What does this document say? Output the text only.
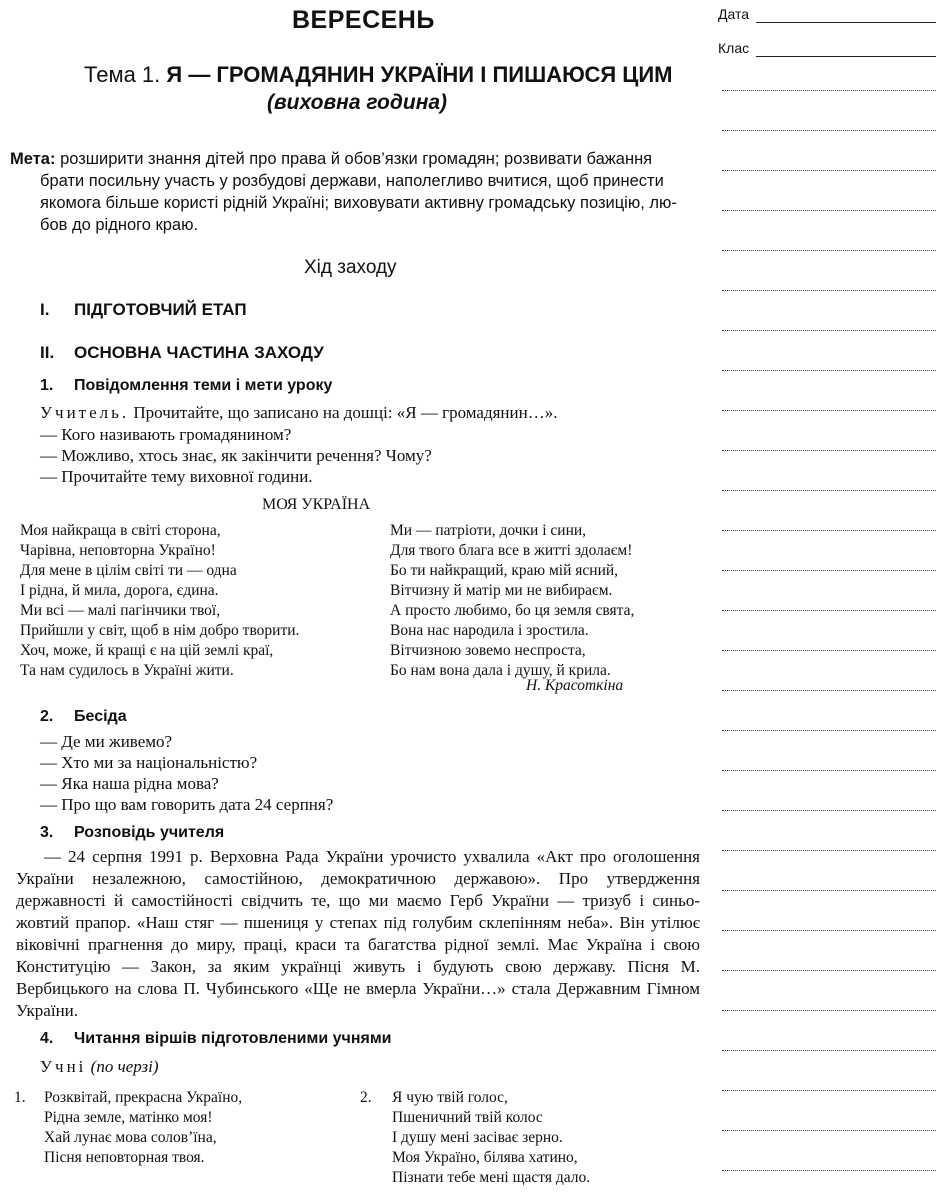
ВЕРЕСЕНЬ
Тема 1. Я — ГРОМАДЯНИН УКРАЇНИ І ПИШАЮСЯ ЦИМ
(виховна година)
Мета: розширити знання дітей про права й обов’язки громадян; розвивати бажання
брати посильну участь у розбудові держави, наполегливо вчитися, щоб принести
якомога більше користі рідній Україні; виховувати активну громадську позицію, лю-
бов до рідного краю.
Хід заходу
I. ПІДГОТОВЧИЙ ЕТАП
II. ОСНОВНА ЧАСТИНА ЗАХОДУ
1. Повідомлення теми і мети уроку
Учитель. Прочитайте, що записано на дошці: «Я — громадянин…».
— Кого називають громадянином?
— Можливо, хтось знає, як закінчити речення? Чому?
— Прочитайте тему виховної години.
МОЯ УКРАЇНА
Моя найкраща в світі сторона,
Чарівна, неповторна Україно!
Для мене в цілім світі ти — одна
І рідна, й мила, дорога, єдина.
Ми всі — малі пагінчики твої,
Прийшли у світ, щоб в нім добро творити.
Хоч, може, й кращі є на цій землі краї,
Та нам судилось в Україні жити.
Ми — патріоти, дочки і сини,
Для твого блага все в житті здолаєм!
Бо ти найкращий, краю мій ясний,
Вітчизну й матір ми не вибираєм.
А просто любимо, бо ця земля свята,
Вона нас народила і зростила.
Вітчизною зовемо неспроста,
Бо нам вона дала і душу, й крила.
Н. Красоткіна
2. Бесіда
— Де ми живемо?
— Хто ми за національністю?
— Яка наша рідна мова?
— Про що вам говорить дата 24 серпня?
3. Розповідь учителя
— 24 серпня 1991 р. Верховна Рада України урочисто ухвалила «Акт про оголошення України незалежною, самостійною, демократичною державою». Про утвердження державності й самостійності свідчить те, що ми маємо Герб України — тризуб і синьо-жовтий прапор. «Наш стяг — пшениця у степах під голубим склепінням неба». Він утілює віковічні прагнення до миру, праці, краси та багатства рідної землі. Має Україна і свою Конституцію — Закон, за яким українці живуть і будують свою державу. Пісня М. Вербицького на слова П. Чубинського «Ще не вмерла України…» стала Державним Гімном України.
4. Читання віршів підготовленими учнями
Учні (по черзі)
1. Розквітай, прекрасна Україно,
Рідна земле, матінко моя!
Хай лунає мова солов’їна,
Пісня неповторная твоя.
2. Я чую твій голос,
Пшеничний твій колос
І душу мені засіває зерно.
Моя Україно, білява хатино,
Пізнати тебе мені щастя дало.
Дата
Клас
